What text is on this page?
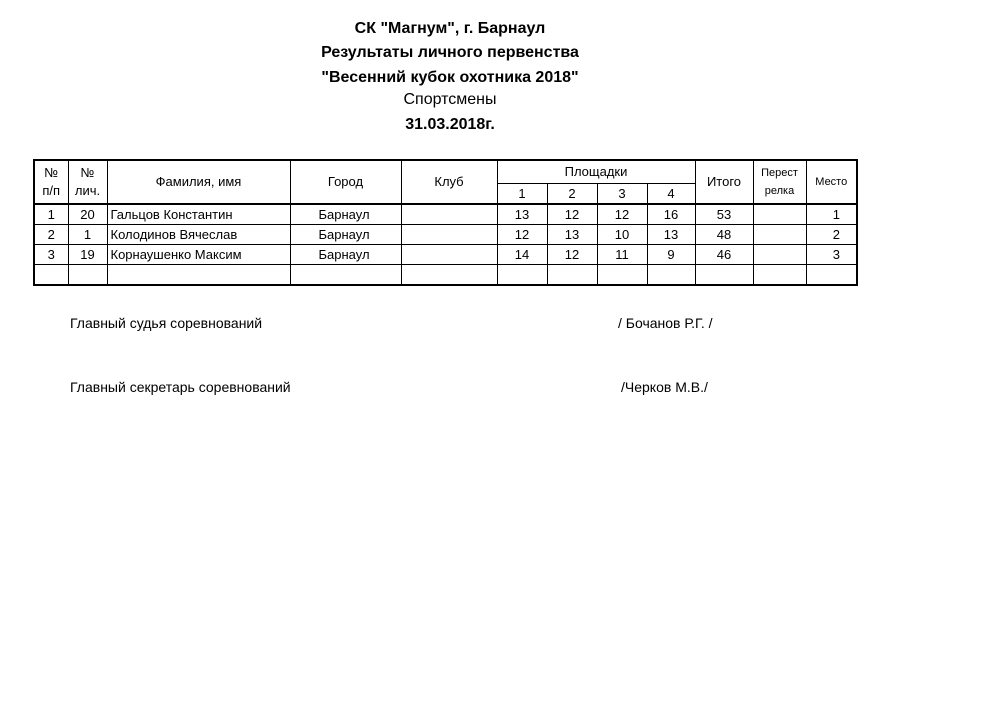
СК "Магнум", г. Барнаул
Результаты личного первенства
"Весенний кубок охотника 2018"
Спортсмены
31.03.2018г.
№ п/п	№ лич.	Фамилия, имя	Город	Клуб	Площадки				Итого	Перест релка	Место
					1	2	3	4			
1	20	Гальцов Константин	Барнаул		13	12	12	16	53		1
2	1	Колодинов Вячеслав	Барнаул		12	13	10	13	48		2
3	19	Корнаушенко Максим	Барнаул		14	12	11	9	46		3

Главный судья соревнований	/ Бочанов Р.Г. /
Главный секретарь соревнований	/Черков М.В./
